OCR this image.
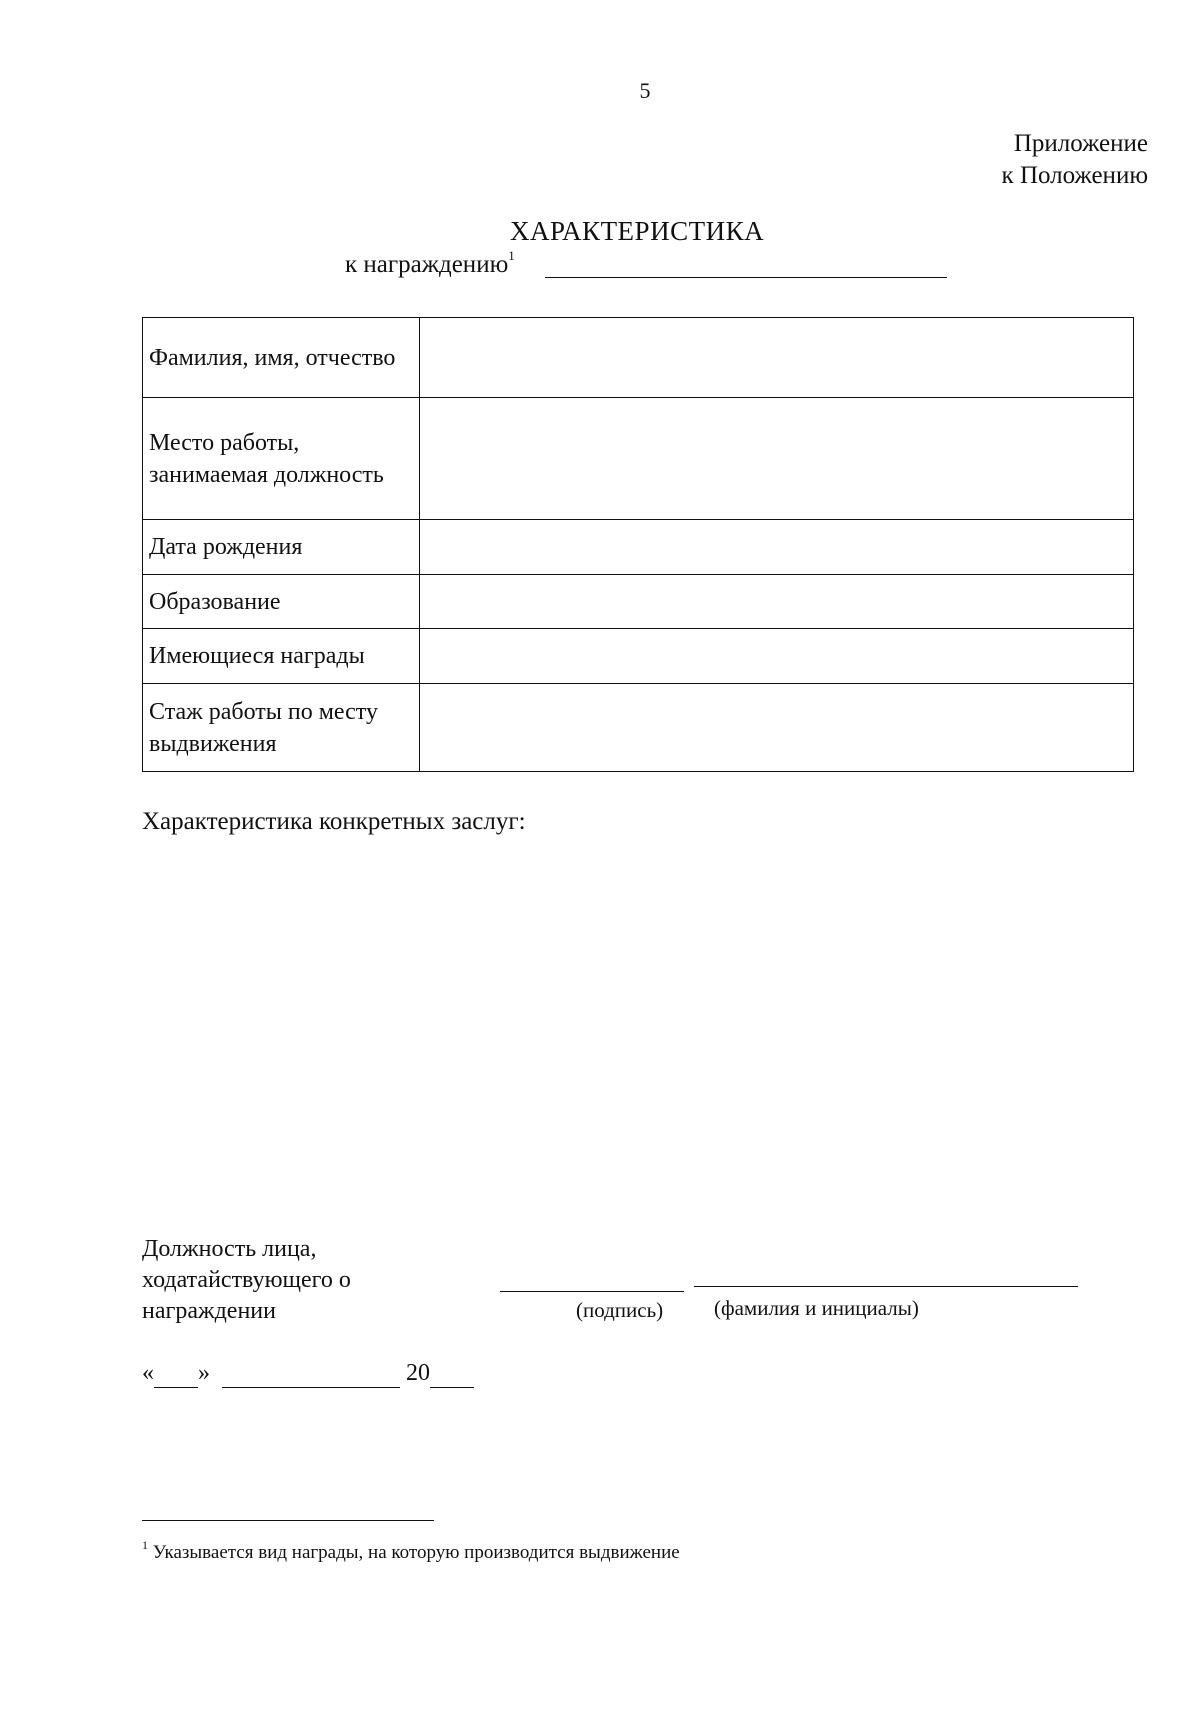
5
Приложение
к Положению
ХАРАКТЕРИСТИКА
к награждению$^1$
Фамилия, имя, отчество	
Место работы, занимаемая должность	
Дата рождения	
Образование	
Имеющиеся награды	
Стаж работы по месту выдвижения	
Характеристика конкретных заслуг:
Должность лица,
ходатайствующего о
награждении	(подпись) (фамилия и инициалы)
« »	20
$^1$ Указывается вид награды, на которую производится выдвижение
